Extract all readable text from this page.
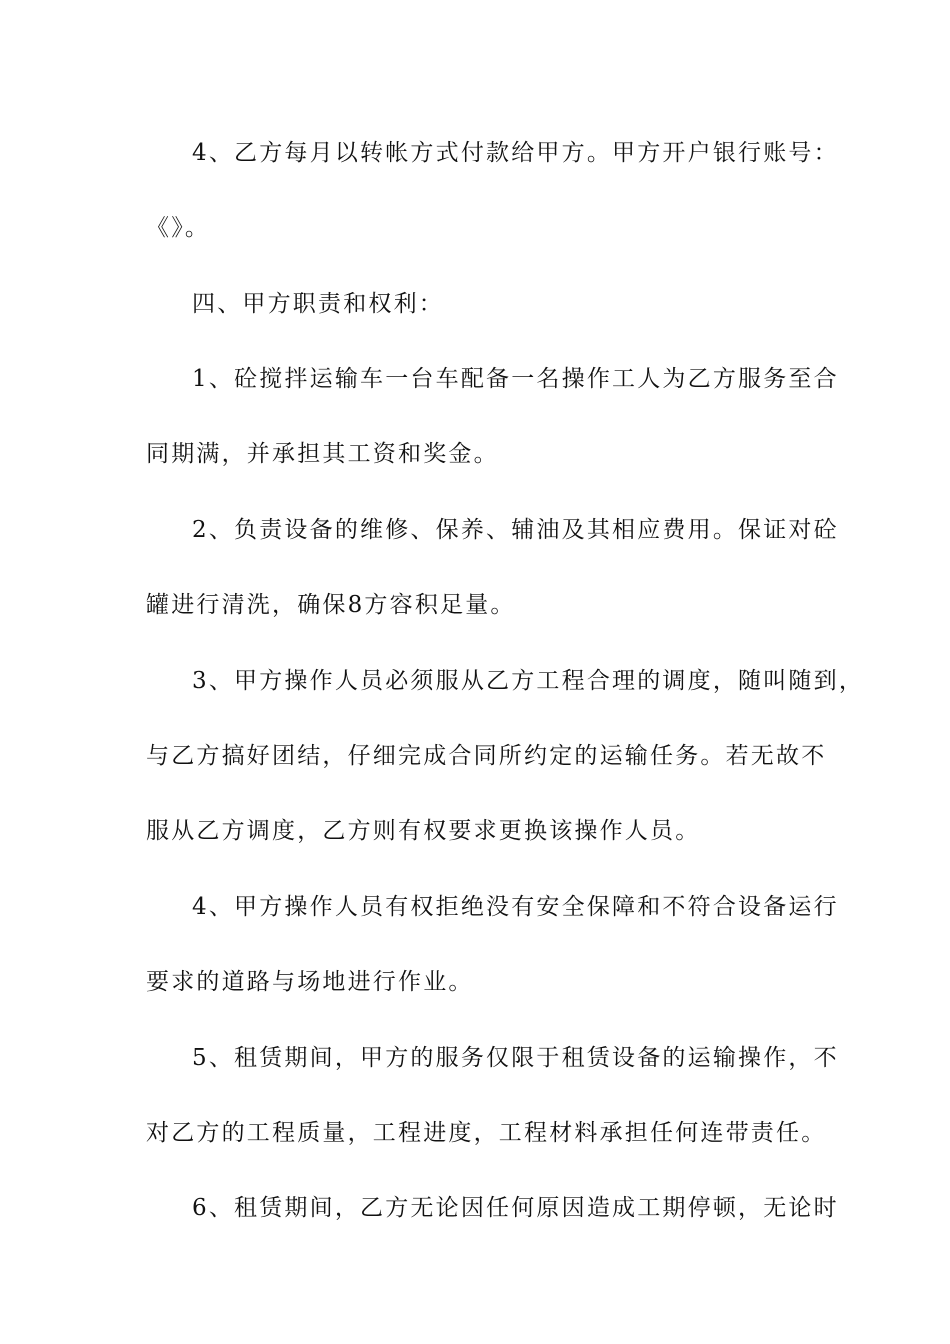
4、乙方每月以转帐方式付款给甲方。甲方开户银行账号：
《》。
四、甲方职责和权利：
1、砼搅拌运输车一台车配备一名操作工人为乙方服务至合
同期满，并承担其工资和奖金。
2、负责设备的维修、保养、辅油及其相应费用。保证对砼
罐进行清洗，确保8方容积足量。
3、甲方操作人员必须服从乙方工程合理的调度，随叫随到，
与乙方搞好团结，仔细完成合同所约定的运输任务。若无故不
服从乙方调度，乙方则有权要求更换该操作人员。
4、甲方操作人员有权拒绝没有安全保障和不符合设备运行
要求的道路与场地进行作业。
5、租赁期间，甲方的服务仅限于租赁设备的运输操作，不
对乙方的工程质量，工程进度，工程材料承担任何连带责任。
6、租赁期间，乙方无论因任何原因造成工期停顿，无论时
